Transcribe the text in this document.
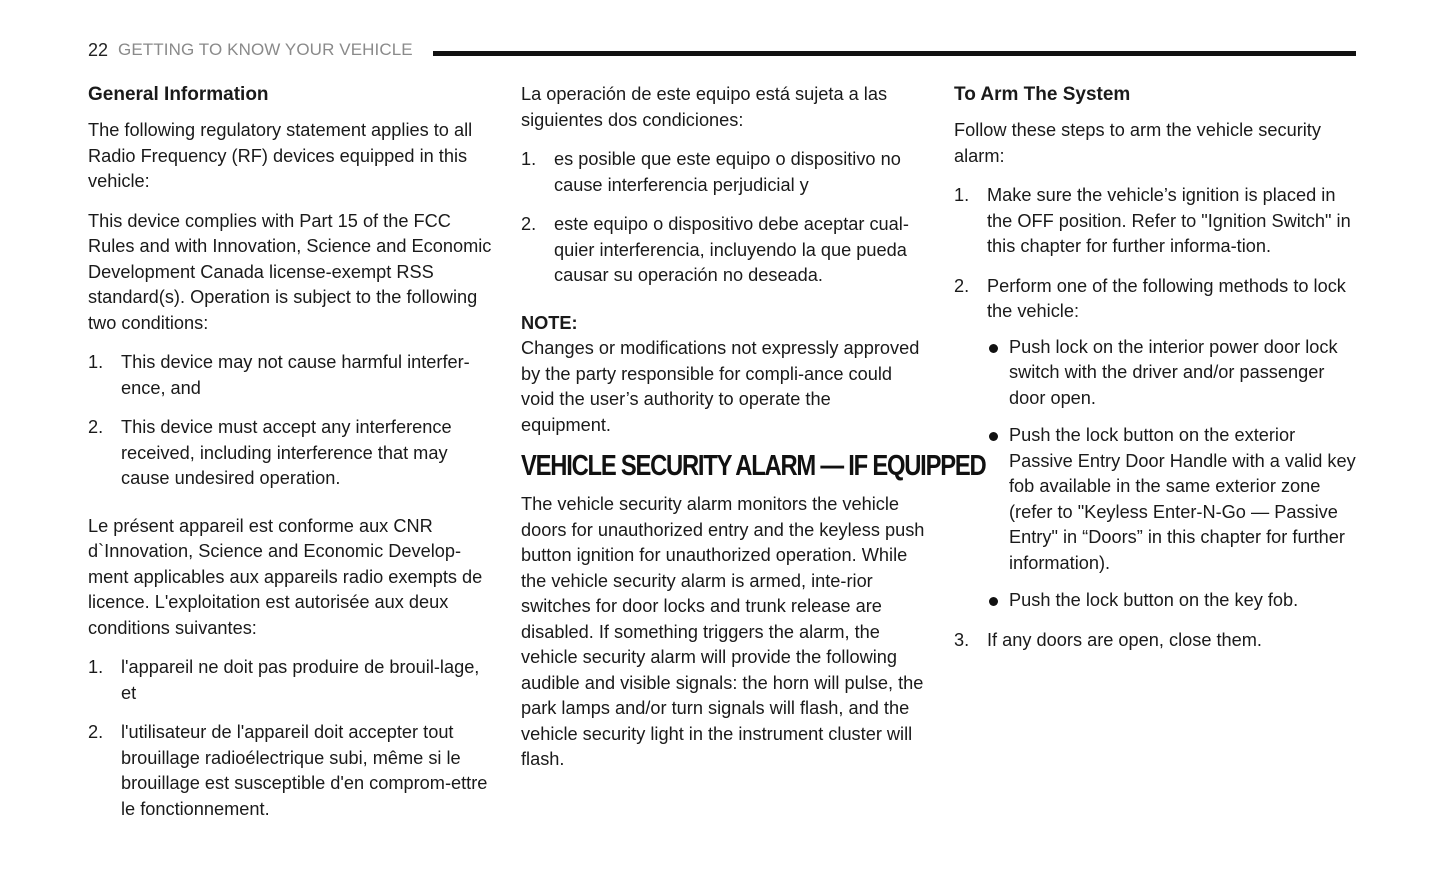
22 GETTING TO KNOW YOUR VEHICLE
General Information

The following regulatory statement applies to all Radio Frequency (RF) devices equipped in this vehicle:

This device complies with Part 15 of the FCC Rules and with Innovation, Science and Economic Development Canada license-exempt RSS standard(s). Operation is subject to the following two conditions:

1. This device may not cause harmful interfer-ence, and
2. This device must accept any interference received, including interference that may cause undesired operation.

Le présent appareil est conforme aux CNR d`Innovation, Science and Economic Develop-ment applicables aux appareils radio exempts de licence. L'exploitation est autorisée aux deux conditions suivantes:

1. l'appareil ne doit pas produire de brouil-lage, et
2. l'utilisateur de l'appareil doit accepter tout brouillage radioélectrique subi, même si le brouillage est susceptible d'en comprom-ettre le fonctionnement.

La operación de este equipo está sujeta a las siguientes dos condiciones:

1. es posible que este equipo o dispositivo no cause interferencia perjudicial y
2. este equipo o dispositivo debe aceptar cual-quier interferencia, incluyendo la que pueda causar su operación no deseada.

NOTE:

Changes or modifications not expressly approved by the party responsible for compli-ance could void the user’s authority to operate the equipment.

VEHICLE SECURITY ALARM — IF EQUIPPED

The vehicle security alarm monitors the vehicle doors for unauthorized entry and the keyless push button ignition for unauthorized operation. While the vehicle security alarm is armed, inte-rior switches for door locks and trunk release are disabled. If something triggers the alarm, the vehicle security alarm will provide the following audible and visible signals: the horn will pulse, the park lamps and/or turn signals will flash, and the vehicle security light in the instrument cluster will flash.

To Arm The System

Follow these steps to arm the vehicle security alarm:

1. Make sure the vehicle’s ignition is placed in the OFF position. Refer to "Ignition Switch" in this chapter for further informa-tion.
2. Perform one of the following methods to lock the vehicle:
Push lock on the interior power door lock switch with the driver and/or passenger door open.
Push the lock button on the exterior Passive Entry Door Handle with a valid key fob available in the same exterior zone (refer to "Keyless Enter-N-Go — Passive Entry" in “Doors” in this chapter for further information).
Push the lock button on the key fob.
3. If any doors are open, close them.
